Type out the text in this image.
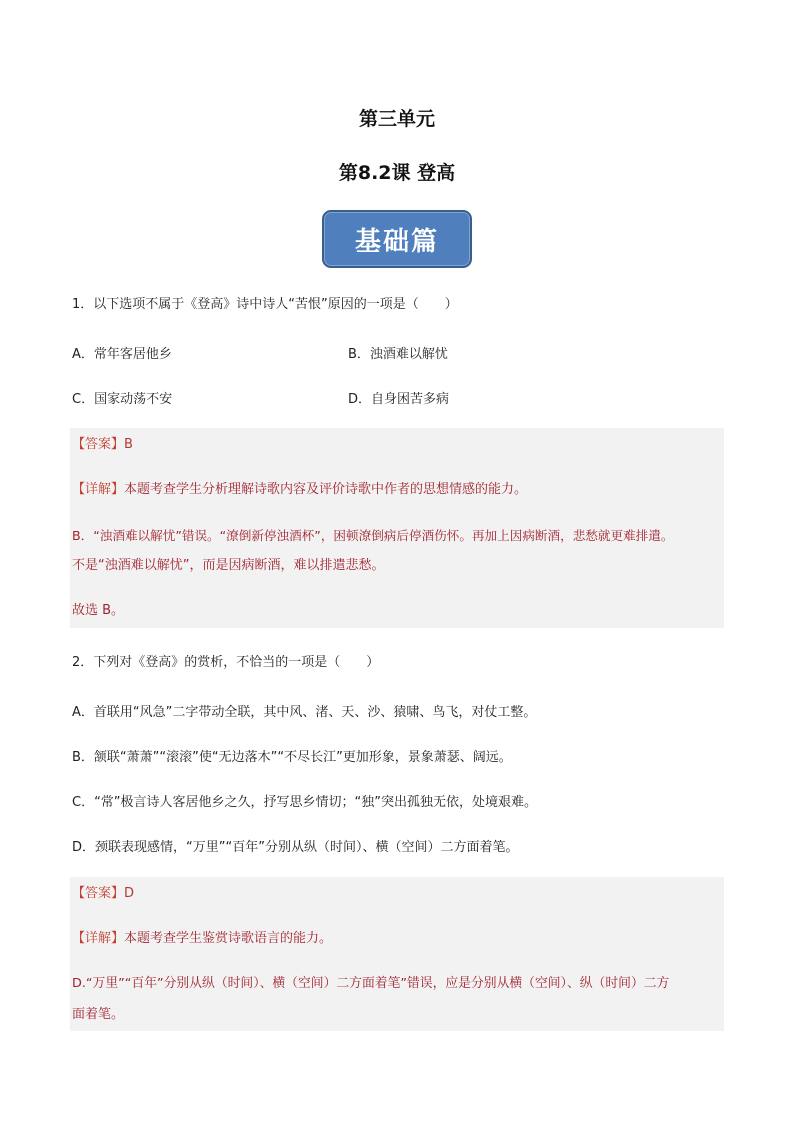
第三单元
第8.2课 登高
基础篇
1．以下选项不属于《登高》诗中诗人“苦恨”原因的一项是（　　）
A．常年客居他乡	B．浊酒难以解忧
C．国家动荡不安	D．自身困苦多病
【答案】B
【详解】本题考查学生分析理解诗歌内容及评价诗歌中作者的思想情感的能力。
B．“浊酒难以解忧”错误。“潦倒新停浊酒杯”，困顿潦倒病后停酒伤怀。再加上因病断酒，悲愁就更难排遣。
不是“浊酒难以解忧”，而是因病断酒，难以排遣悲愁。
故选 B。
2．下列对《登高》的赏析，不恰当的一项是（　　）
A．首联用“风急”二字带动全联，其中风、渚、天、沙、猿啸、鸟飞，对仗工整。
B．颔联“萧萧”“滚滚”使“无边落木”“不尽长江”更加形象，景象萧瑟、阔远。
C．“常”极言诗人客居他乡之久，抒写思乡情切；“独”突出孤独无依，处境艰难。
D．颈联表现感情，“万里”“百年”分别从纵（时间）、横（空间）二方面着笔。
【答案】D
【详解】本题考查学生鉴赏诗歌语言的能力。
D.“万里”“百年”分别从纵（时间）、横（空间）二方面着笔”错误，应是分别从横（空间）、纵（时间）二方
面着笔。
